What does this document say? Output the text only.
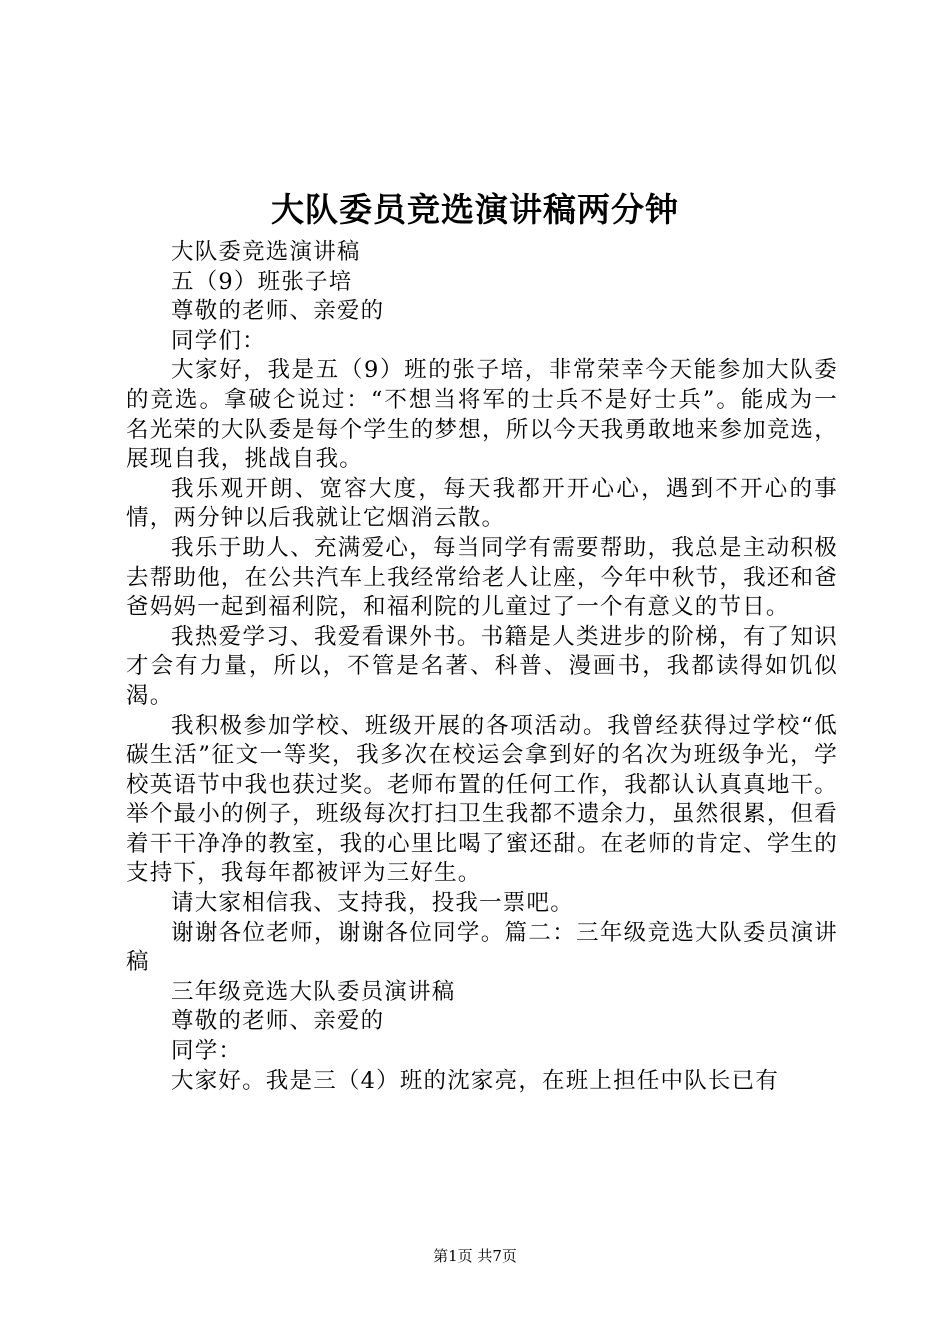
大队委员竞选演讲稿两分钟

大队委竞选演讲稿

五（9）班张子培

尊敬的老师、亲爱的

同学们：

大家好，我是五（9）班的张子培，非常荣幸今天能参加大队委的竞选。拿破仑说过：“不想当将军的士兵不是好士兵”。能成为一名光荣的大队委是每个学生的梦想，所以今天我勇敢地来参加竞选，展现自我，挑战自我。

我乐观开朗、宽容大度，每天我都开开心心，遇到不开心的事情，两分钟以后我就让它烟消云散。

我乐于助人、充满爱心，每当同学有需要帮助，我总是主动积极去帮助他，在公共汽车上我经常给老人让座，今年中秋节，我还和爸爸妈妈一起到福利院，和福利院的儿童过了一个有意义的节日。

我热爱学习、我爱看课外书。书籍是人类进步的阶梯，有了知识才会有力量，所以，不管是名著、科普、漫画书，我都读得如饥似渴。

我积极参加学校、班级开展的各项活动。我曾经获得过学校“低碳生活”征文一等奖，我多次在校运会拿到好的名次为班级争光，学校英语节中我也获过奖。老师布置的任何工作，我都认认真真地干。举个最小的例子，班级每次打扫卫生我都不遗余力，虽然很累，但看着干干净净的教室，我的心里比喝了蜜还甜。在老师的肯定、学生的支持下，我每年都被评为三好生。

请大家相信我、支持我，投我一票吧。

谢谢各位老师，谢谢各位同学。篇二：三年级竞选大队委员演讲稿

三年级竞选大队委员演讲稿

尊敬的老师、亲爱的

同学：

大家好。我是三（4）班的沈家亮，在班上担任中队长已有

第1页 共7页
